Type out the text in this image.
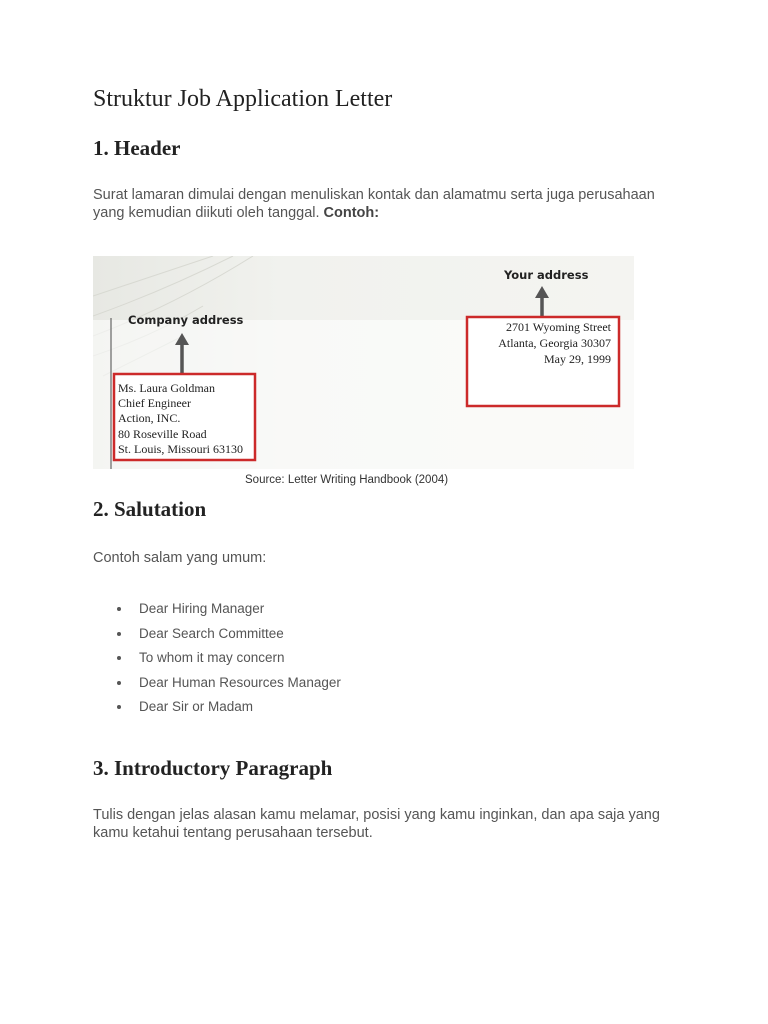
Struktur Job Application Letter
1. Header

Surat lamaran dimulai dengan menuliskan kontak dan alamatmu serta juga perusahaan yang kemudian diikuti oleh tanggal. Contoh:

Your address
2701 Wyoming Street
Atlanta, Georgia 30307
May 29, 1999
Company address
Ms. Laura Goldman
Chief Engineer
Action, INC.
80 Roseville Road
St. Louis, Missouri 63130

Source: Letter Writing Handbook (2004)

2. Salutation

Contoh salam yang umum:

Dear Hiring Manager
Dear Search Committee
To whom it may concern
Dear Human Resources Manager
Dear Sir or Madam
3. Introductory Paragraph

Tulis dengan jelas alasan kamu melamar, posisi yang kamu inginkan, dan apa saja yang kamu ketahui tentang perusahaan tersebut.
